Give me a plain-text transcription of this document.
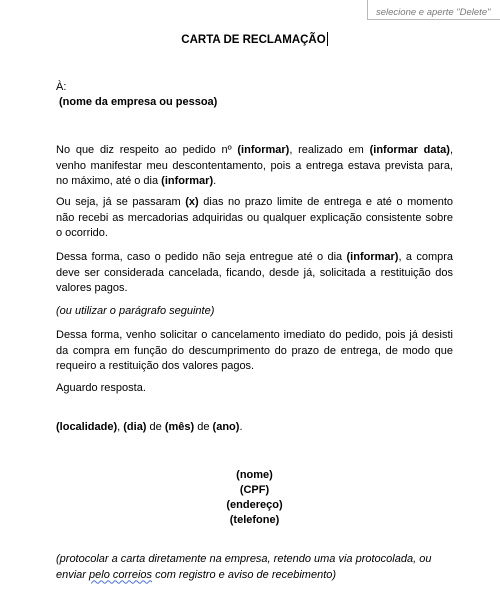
selecione e aperte "Delete"
CARTA DE RECLAMAÇÃO
À:
(nome da empresa ou pessoa)
No que diz respeito ao pedido nº (informar), realizado em (informar data),
venho manifestar meu descontentamento, pois a entrega estava prevista para,
no máximo, até o dia (informar).
Ou seja, já se passaram (x) dias no prazo limite de entrega e até o momento
não recebi as mercadorias adquiridas ou qualquer explicação consistente sobre
o ocorrido.
Dessa forma, caso o pedido não seja entregue até o dia (informar), a compra
deve ser considerada cancelada, ficando, desde já, solicitada a restituição dos
valores pagos.
(ou utilizar o parágrafo seguinte)
Dessa forma, venho solicitar o cancelamento imediato do pedido, pois já desisti
da compra em função do descumprimento do prazo de entrega, de modo que
requeiro a restituição dos valores pagos.
Aguardo resposta.
(localidade), (dia) de (mês) de (ano).
(nome)
(CPF)
(endereço)
(telefone)
(protocolar a carta diretamente na empresa, retendo uma via protocolada, ou
enviar pelo correios com registro e aviso de recebimento)
